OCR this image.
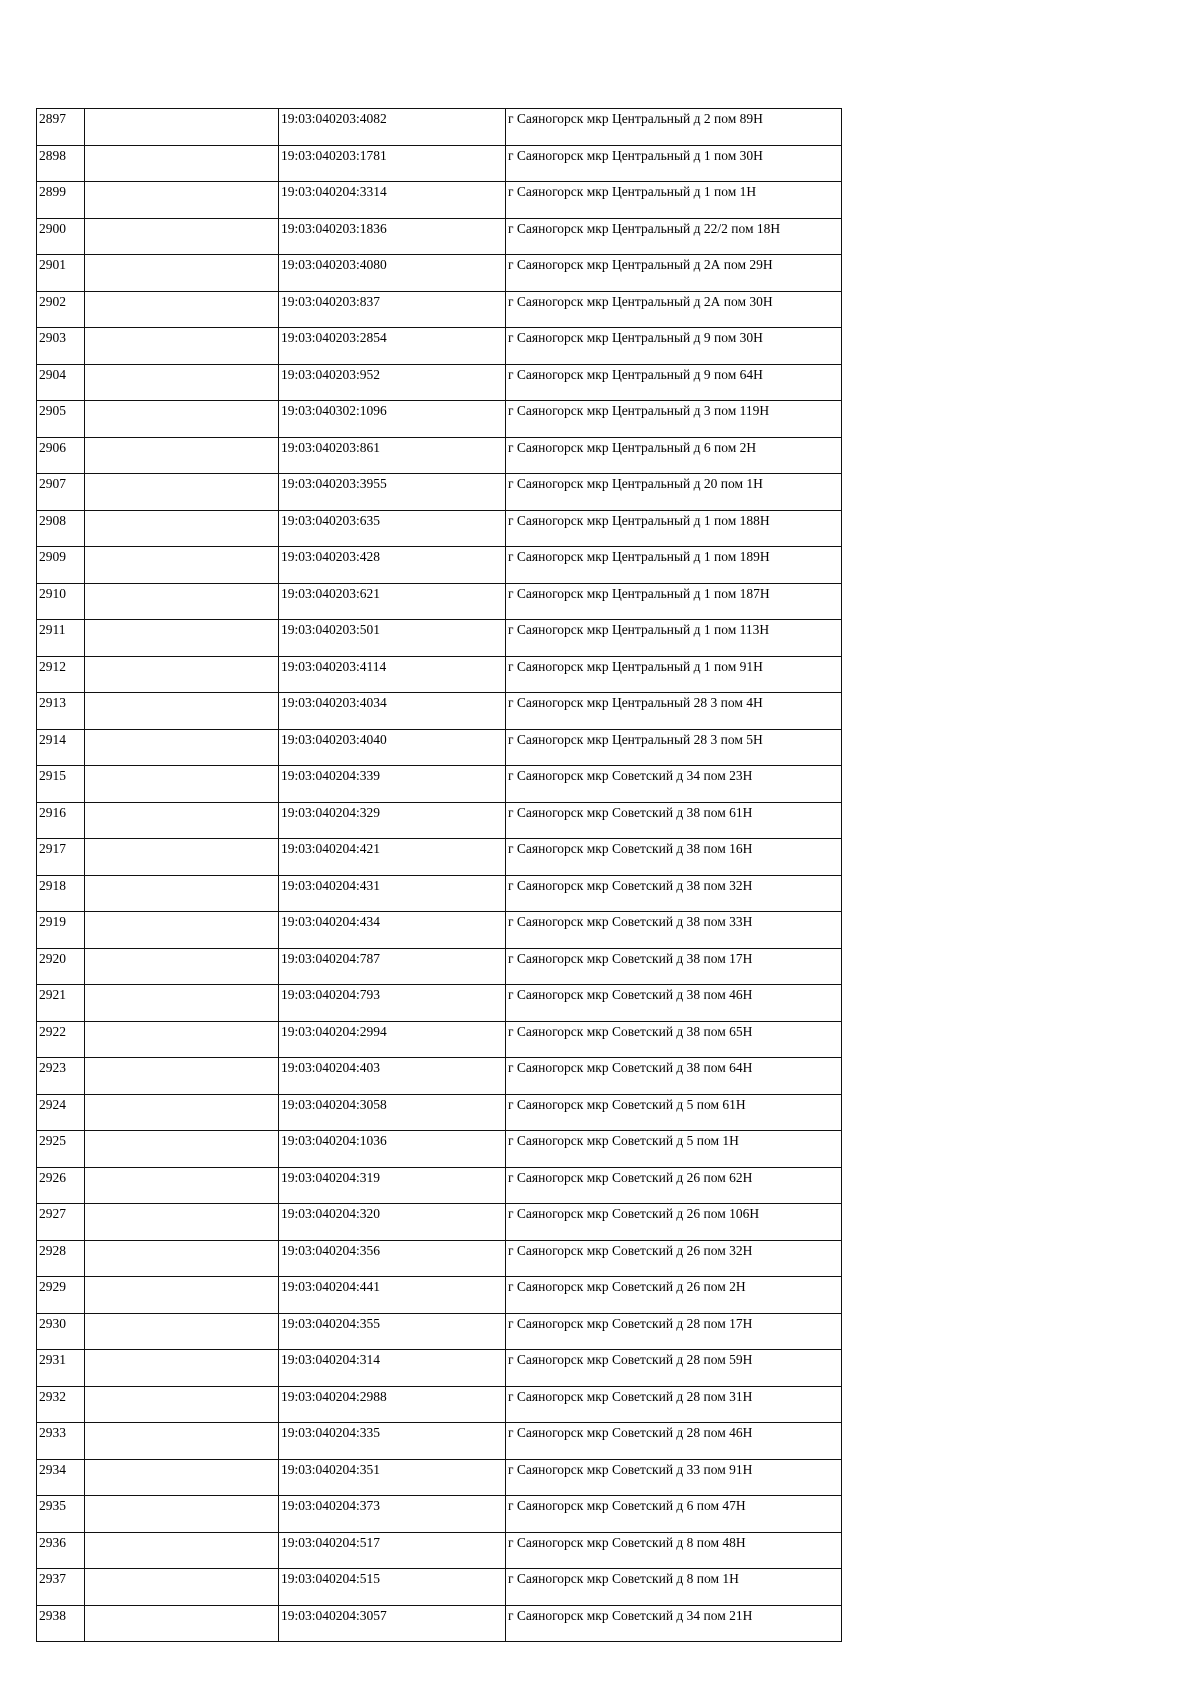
2897		19:03:040203:4082	г Саяногорск мкр Центральный д 2 пом 89Н
2898		19:03:040203:1781	г Саяногорск мкр Центральный д 1 пом 30Н
2899		19:03:040204:3314	г Саяногорск мкр Центральный д 1 пом 1Н
2900		19:03:040203:1836	г Саяногорск мкр Центральный д 22/2 пом 18Н
2901		19:03:040203:4080	г Саяногорск мкр Центральный д 2А пом 29Н
2902		19:03:040203:837	г Саяногорск мкр Центральный д 2А пом 30Н
2903		19:03:040203:2854	г Саяногорск мкр Центральный д 9 пом 30Н
2904		19:03:040203:952	г Саяногорск мкр Центральный д 9 пом 64Н
2905		19:03:040302:1096	г Саяногорск мкр Центральный д 3 пом 119Н
2906		19:03:040203:861	г Саяногорск мкр Центральный д 6 пом 2Н
2907		19:03:040203:3955	г Саяногорск мкр Центральный д 20 пом 1Н
2908		19:03:040203:635	г Саяногорск мкр Центральный д 1 пом 188Н
2909		19:03:040203:428	г Саяногорск мкр Центральный д 1 пом 189Н
2910		19:03:040203:621	г Саяногорск мкр Центральный д 1 пом 187Н
2911		19:03:040203:501	г Саяногорск мкр Центральный д 1 пом 113Н
2912		19:03:040203:4114	г Саяногорск мкр Центральный д 1 пом 91Н
2913		19:03:040203:4034	г Саяногорск мкр Центральный 28 3 пом 4Н
2914		19:03:040203:4040	г Саяногорск мкр Центральный 28 3 пом 5Н
2915		19:03:040204:339	г Саяногорск мкр Советский д 34 пом 23Н
2916		19:03:040204:329	г Саяногорск мкр Советский д 38 пом 61Н
2917		19:03:040204:421	г Саяногорск мкр Советский д 38 пом 16Н
2918		19:03:040204:431	г Саяногорск мкр Советский д 38 пом 32Н
2919		19:03:040204:434	г Саяногорск мкр Советский д 38 пом 33Н
2920		19:03:040204:787	г Саяногорск мкр Советский д 38 пом 17Н
2921		19:03:040204:793	г Саяногорск мкр Советский д 38 пом 46Н
2922		19:03:040204:2994	г Саяногорск мкр Советский д 38 пом 65Н
2923		19:03:040204:403	г Саяногорск мкр Советский д 38 пом 64Н
2924		19:03:040204:3058	г Саяногорск мкр Советский д 5 пом 61Н
2925		19:03:040204:1036	г Саяногорск мкр Советский д 5 пом 1Н
2926		19:03:040204:319	г Саяногорск мкр Советский д 26 пом 62Н
2927		19:03:040204:320	г Саяногорск мкр Советский д 26 пом 106Н
2928		19:03:040204:356	г Саяногорск мкр Советский д 26 пом 32Н
2929		19:03:040204:441	г Саяногорск мкр Советский д 26 пом 2Н
2930		19:03:040204:355	г Саяногорск мкр Советский д 28 пом 17Н
2931		19:03:040204:314	г Саяногорск мкр Советский д 28 пом 59Н
2932		19:03:040204:2988	г Саяногорск мкр Советский д 28 пом 31Н
2933		19:03:040204:335	г Саяногорск мкр Советский д 28 пом 46Н
2934		19:03:040204:351	г Саяногорск мкр Советский д 33 пом 91Н
2935		19:03:040204:373	г Саяногорск мкр Советский д 6 пом 47Н
2936		19:03:040204:517	г Саяногорск мкр Советский д 8 пом 48Н
2937		19:03:040204:515	г Саяногорск мкр Советский д 8 пом 1Н
2938		19:03:040204:3057	г Саяногорск мкр Советский д 34 пом 21Н
